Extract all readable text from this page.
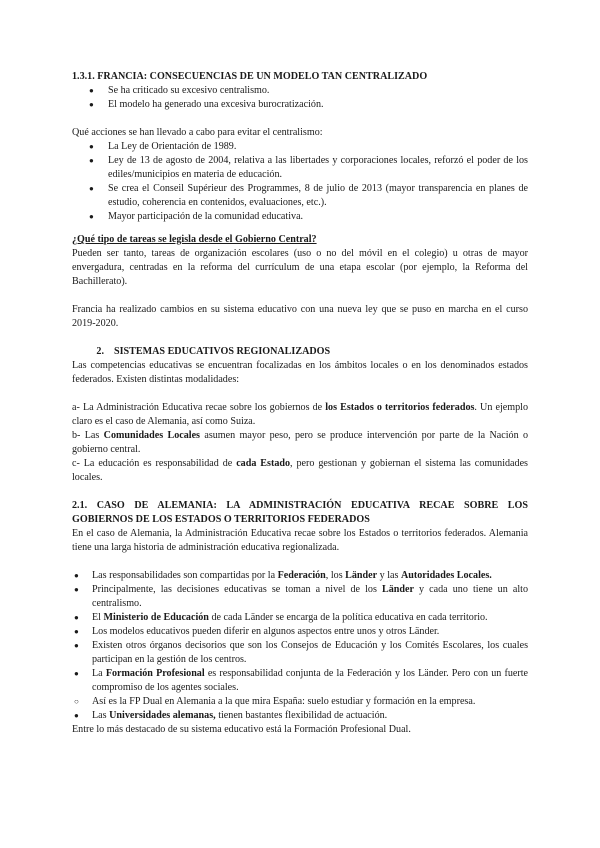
1.3.1. FRANCIA: CONSECUENCIAS DE UN MODELO TAN CENTRALIZADO

● Se ha criticado su excesivo centralismo.
● El modelo ha generado una excesiva burocratización.

Qué acciones se han llevado a cabo para evitar el centralismo:

● La Ley de Orientación de 1989.
● Ley de 13 de agosto de 2004, relativa a las libertades y corporaciones locales, reforzó el poder de los ediles/municipios en materia de educación.
● Se crea el Conseil Supérieur des Programmes, 8 de julio de 2013 (mayor transparencia en planes de estudio, coherencia en contenidos, evaluaciones, etc.).
● Mayor participación de la comunidad educativa.

¿Qué tipo de tareas se legisla desde el Gobierno Central?

Pueden ser tanto, tareas de organización escolares (uso o no del móvil en el colegio) u otras de mayor envergadura, centradas en la reforma del currículum de una etapa escolar (por ejemplo, la Reforma del Bachillerato).

Francia ha realizado cambios en su sistema educativo con una nueva ley que se puso en marcha en el curso 2019-2020.

2. SISTEMAS EDUCATIVOS REGIONALIZADOS

Las competencias educativas se encuentran focalizadas en los ámbitos locales o en los denominados estados federados. Existen distintas modalidades:

a- La Administración Educativa recae sobre los gobiernos de los Estados o territorios federados. Un ejemplo claro es el caso de Alemania, así como Suiza.

b- Las Comunidades Locales asumen mayor peso, pero se produce intervención por parte de la Nación o gobierno central.

c- La educación es responsabilidad de cada Estado, pero gestionan y gobiernan el sistema las comunidades locales.

2.1. CASO DE ALEMANIA: LA ADMINISTRACIÓN EDUCATIVA RECAE SOBRE LOS GOBIERNOS DE LOS ESTADOS O TERRITORIOS FEDERADOS

En el caso de Alemania, la Administración Educativa recae sobre los Estados o territorios federados. Alemania tiene una larga historia de administración educativa regionalizada.

● Las responsabilidades son compartidas por la Federación, los Länder y las Autoridades Locales.
● Principalmente, las decisiones educativas se toman a nivel de los Länder y cada uno tiene un alto centralismo.
● El Ministerio de Educación de cada Länder se encarga de la política educativa en cada territorio.
● Los modelos educativos pueden diferir en algunos aspectos entre unos y otros Länder.
● Existen otros órganos decisorios que son los Consejos de Educación y los Comités Escolares, los cuales participan en la gestión de los centros.
● La Formación Profesional es responsabilidad conjunta de la Federación y los Länder. Pero con un fuerte compromiso de los agentes sociales.
○ Así es la FP Dual en Alemania a la que mira España: suelo estudiar y formación en la empresa.
● Las Universidades alemanas, tienen bastantes flexibilidad de actuación.

Entre lo más destacado de su sistema educativo está la Formación Profesional Dual.
